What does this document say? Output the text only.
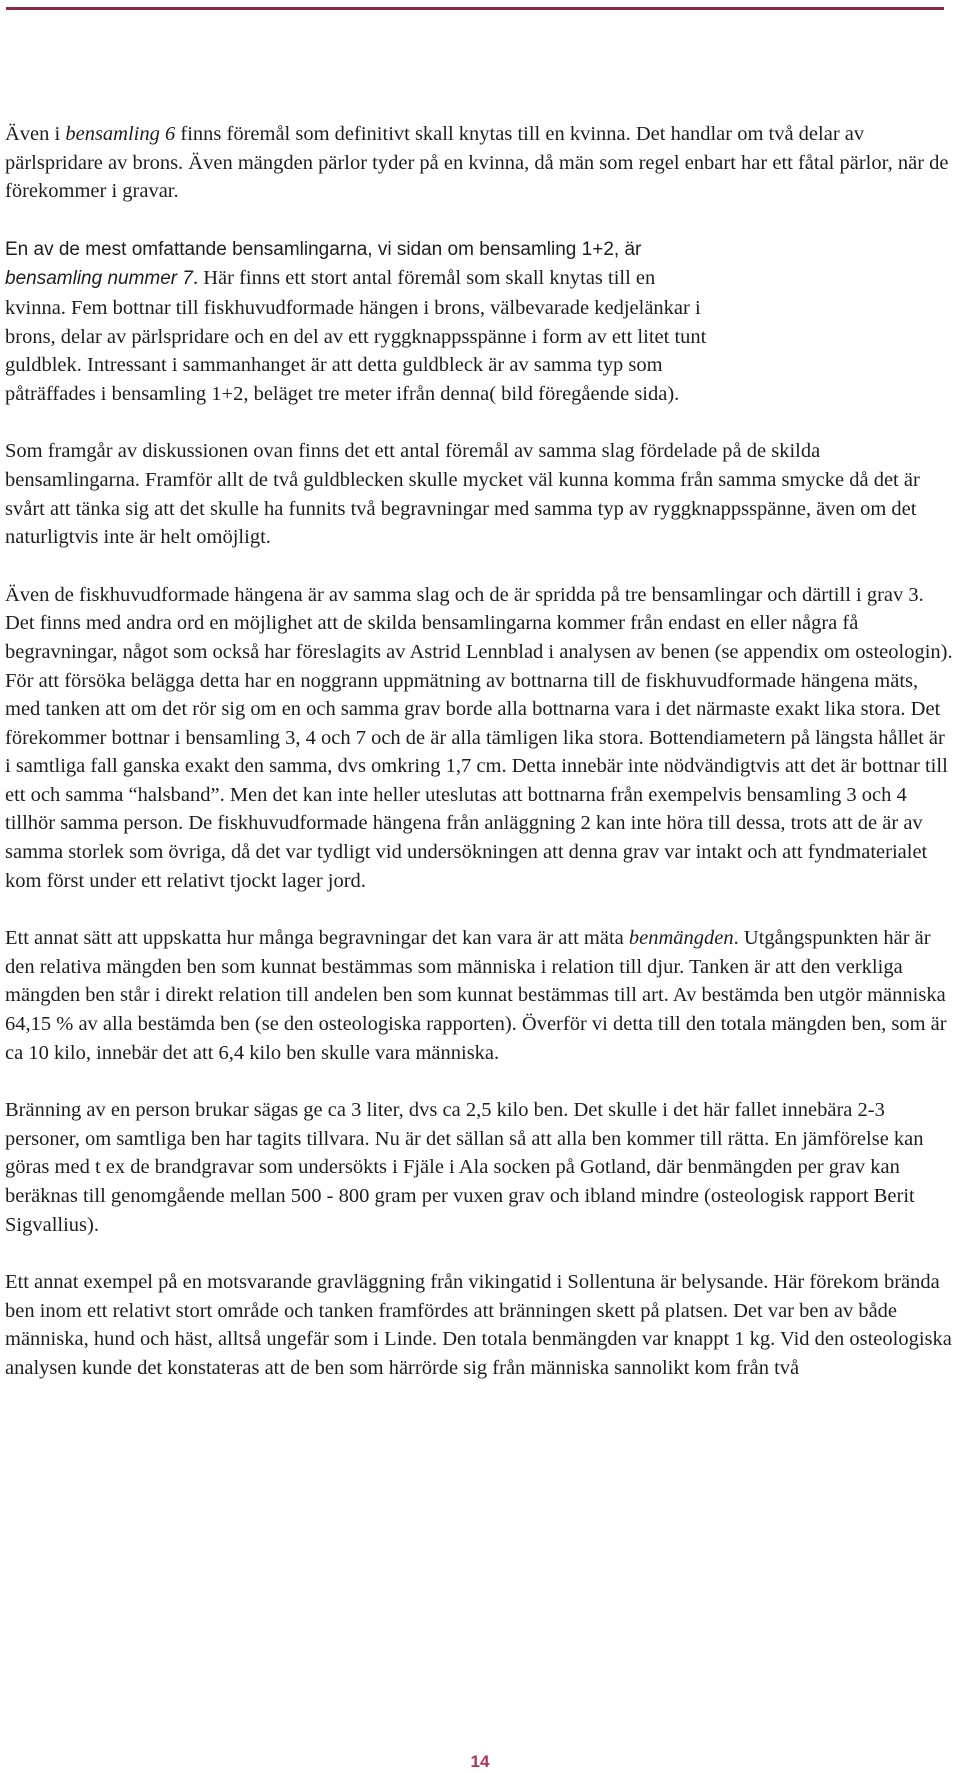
Även i bensamling 6 finns föremål som definitivt skall knytas till en kvinna. Det handlar om två delar av pärlspridare av brons. Även mängden pärlor tyder på en kvinna, då män som regel enbart har ett fåtal pärlor, när de förekommer i gravar.

En av de mest omfattande bensamlingarna, vi sidan om bensamling 1+2, är bensamling nummer 7. Här finns ett stort antal föremål som skall knytas till en kvinna. Fem bottnar till fiskhuvudformade hängen i brons, välbevarade kedjelänkar i brons, delar av pärlspridare och en del av ett ryggknappsspänne i form av ett litet tunt guldblek. Intressant i sammanhanget är att detta guldbleck är av samma typ som påträffades i bensamling 1+2, beläget tre meter ifrån denna( bild föregående sida).

Som framgår av diskussionen ovan finns det ett antal föremål av samma slag fördelade på de skilda bensamlingarna. Framför allt de två guldblecken skulle mycket väl kunna komma från samma smycke då det är svårt att tänka sig att det skulle ha funnits två begravningar med samma typ av ryggknappsspänne, även om det naturligtvis inte är helt omöjligt.

Även de fiskhuvudformade hängena är av samma slag och de är spridda på tre bensamlingar och därtill i grav 3. Det finns med andra ord en möjlighet att de skilda bensamlingarna kommer från endast en eller några få begravningar, något som också har föreslagits av Astrid Lennblad i analysen av benen (se appendix om osteologin). För att försöka belägga detta har en noggrann uppmätning av bottnarna till de fiskhuvudformade hängena mäts, med tanken att om det rör sig om en och samma grav borde alla bottnarna vara i det närmaste exakt lika stora. Det förekommer bottnar i bensamling 3, 4 och 7 och de är alla tämligen lika stora. Bottendiametern på längsta hållet är i samtliga fall ganska exakt den samma, dvs omkring 1,7 cm. Detta innebär inte nödvändigtvis att det är bottnar till ett och samma “halsband”. Men det kan inte heller uteslutas att bottnarna från exempelvis bensamling 3 och 4 tillhör samma person. De fiskhuvudformade hängena från anläggning 2 kan inte höra till dessa, trots att de är av samma storlek som övriga, då det var tydligt vid undersökningen att denna grav var intakt och att fyndmaterialet kom först under ett relativt tjockt lager jord.

Ett annat sätt att uppskatta hur många begravningar det kan vara är att mäta benmängden. Utgångspunkten här är den relativa mängden ben som kunnat bestämmas som människa i relation till djur. Tanken är att den verkliga mängden ben står i direkt relation till andelen ben som kunnat bestämmas till art. Av bestämda ben utgör människa 64,15 % av alla bestämda ben (se den osteologiska rapporten). Överför vi detta till den totala mängden ben, som är ca 10 kilo, innebär det att 6,4 kilo ben skulle vara människa.

Bränning av en person brukar sägas ge ca 3 liter, dvs ca 2,5 kilo ben. Det skulle i det här fallet innebära 2-3 personer, om samtliga ben har tagits tillvara. Nu är det sällan så att alla ben kommer till rätta. En jämförelse kan göras med t ex de brandgravar som undersökts i Fjäle i Ala socken på Gotland, där benmängden per grav kan beräknas till genomgående mellan 500 - 800 gram per vuxen grav och ibland mindre (osteologisk rapport Berit Sigvallius).

Ett annat exempel på en motsvarande gravläggning från vikingatid i Sollentuna är belysande. Här förekom brända ben inom ett relativt stort område och tanken framfördes att bränningen skett på platsen. Det var ben av både människa, hund och häst, alltså ungefär som i Linde. Den totala benmängden var knappt 1 kg. Vid den osteologiska analysen kunde det konstateras att de ben som härrörde sig från människa sannolikt kom från två

14
